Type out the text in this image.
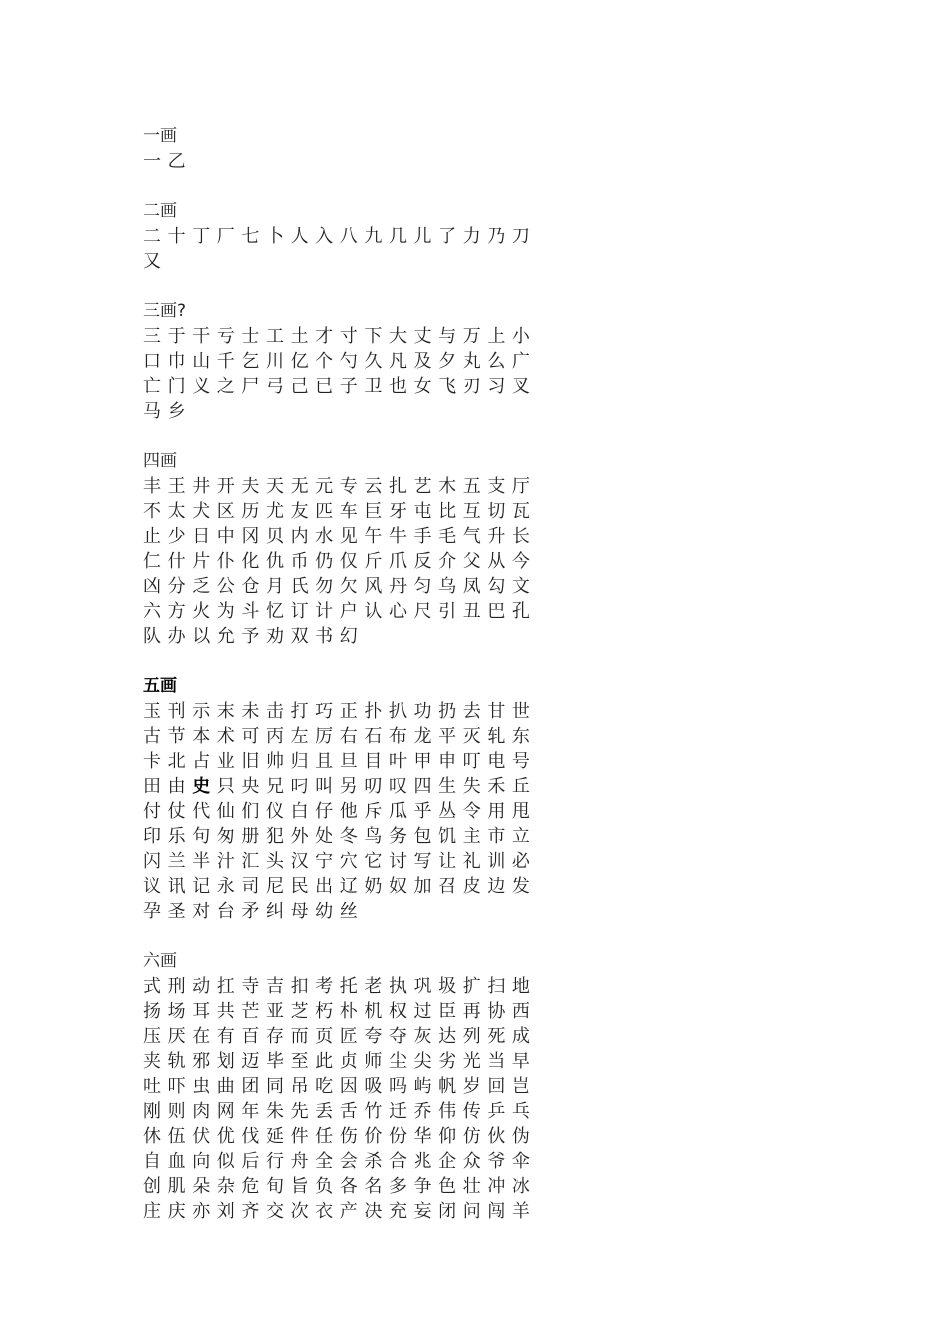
一画
一 乙
二画
二 十 丁 厂 七 卜 人 入 八 九 几 儿 了 力 乃 刀
又
三画?
三 于 干 亏 士 工 土 才 寸 下 大 丈 与 万 上 小
口 巾 山 千 乞 川 亿 个 勺 久 凡 及 夕 丸 么 广
亡 门 义 之 尸 弓 己 已 子 卫 也 女 飞 刃 习 叉
马 乡
四画
丰 王 井 开 夫 天 无 元 专 云 扎 艺 木 五 支 厅
不 太 犬 区 历 尤 友 匹 车 巨 牙 屯 比 互 切 瓦
止 少 日 中 冈 贝 内 水 见 午 牛 手 毛 气 升 长
仁 什 片 仆 化 仇 币 仍 仅 斤 爪 反 介 父 从 今
凶 分 乏 公 仓 月 氏 勿 欠 风 丹 匀 乌 凤 勾 文
六 方 火 为 斗 忆 订 计 户 认 心 尺 引 丑 巴 孔
队 办 以 允 予 劝 双 书 幻
五画
玉 刊 示 末 未 击 打 巧 正 扑 扒 功 扔 去 甘 世
古 节 本 术 可 丙 左 厉 右 石 布 龙 平 灭 轧 东
卡 北 占 业 旧 帅 归 且 旦 目 叶 甲 申 叮 电 号
田 由 史 只 央 兄 叼 叫 另 叨 叹 四 生 失 禾 丘
付 仗 代 仙 们 仪 白 仔 他 斥 瓜 乎 丛 令 用 甩
印 乐 句 匆 册 犯 外 处 冬 鸟 务 包 饥 主 市 立
闪 兰 半 汁 汇 头 汉 宁 穴 它 讨 写 让 礼 训 必
议 讯 记 永 司 尼 民 出 辽 奶 奴 加 召 皮 边 发
孕 圣 对 台 矛 纠 母 幼 丝
六画
式 刑 动 扛 寺 吉 扣 考 托 老 执 巩 圾 扩 扫 地
扬 场 耳 共 芒 亚 芝 朽 朴 机 权 过 臣 再 协 西
压 厌 在 有 百 存 而 页 匠 夸 夺 灰 达 列 死 成
夹 轨 邪 划 迈 毕 至 此 贞 师 尘 尖 劣 光 当 早
吐 吓 虫 曲 团 同 吊 吃 因 吸 吗 屿 帆 岁 回 岂
刚 则 肉 网 年 朱 先 丢 舌 竹 迁 乔 伟 传 乒 乓
休 伍 伏 优 伐 延 件 任 伤 价 份 华 仰 仿 伙 伪
自 血 向 似 后 行 舟 全 会 杀 合 兆 企 众 爷 伞
创 肌 朵 杂 危 旬 旨 负 各 名 多 争 色 壮 冲 冰
庄 庆 亦 刘 齐 交 次 衣 产 决 充 妄 闭 问 闯 羊
